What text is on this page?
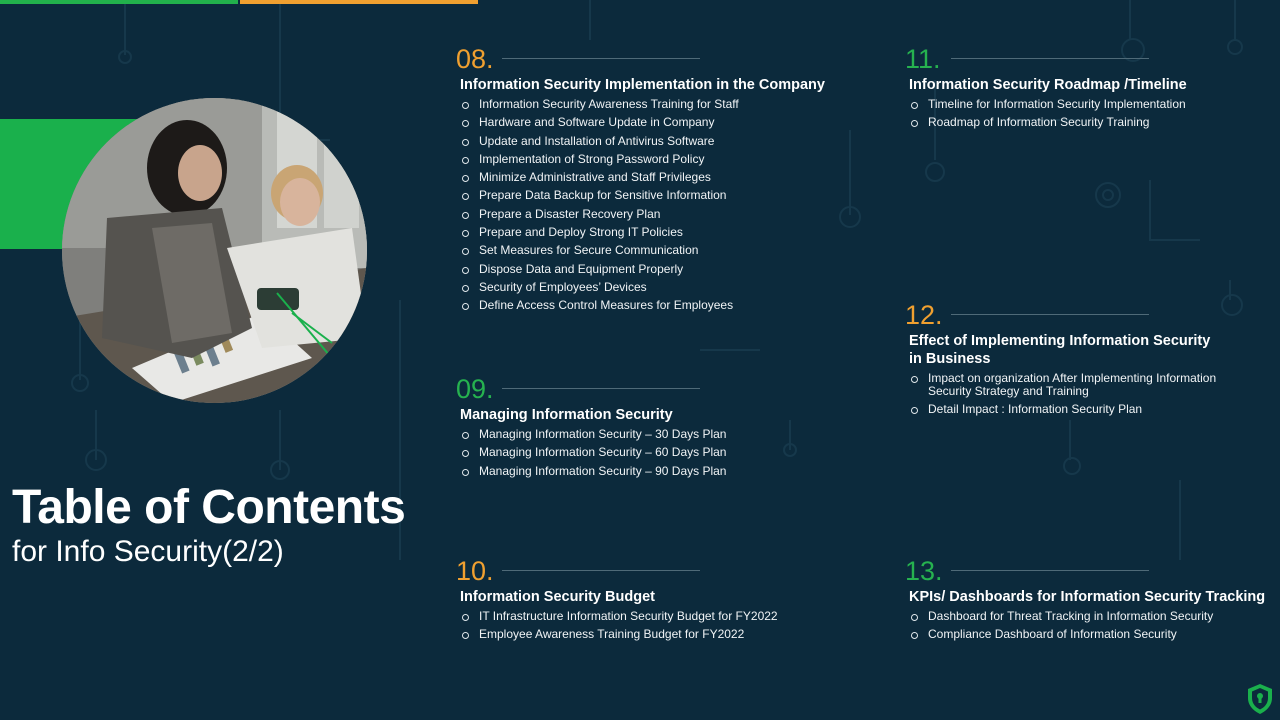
Table of Contents
for Info Security(2/2)
08.
Information Security Implementation in the Company
Information Security Awareness Training for Staff
Hardware and Software Update in Company
Update and Installation of Antivirus Software
Implementation of Strong Password Policy
Minimize Administrative and Staff Privileges
Prepare Data Backup for Sensitive Information
Prepare a Disaster Recovery Plan
Prepare and Deploy Strong IT Policies
Set Measures for Secure Communication
Dispose Data and Equipment Properly
Security of Employees’ Devices
Define Access Control Measures for Employees
09.
Managing Information Security
Managing Information Security – 30 Days Plan
Managing Information Security – 60 Days Plan
Managing Information Security – 90 Days Plan
10.
Information Security Budget
IT Infrastructure Information Security Budget for FY2022
Employee Awareness Training Budget for FY2022
11.
Information Security Roadmap /Timeline
Timeline for Information Security Implementation
Roadmap of Information Security Training
12.
Effect of Implementing Information Security in Business
Impact on organization After Implementing Information Security Strategy and Training
Detail Impact : Information Security Plan
13.
KPIs/ Dashboards for Information Security Tracking
Dashboard for Threat Tracking in Information Security
Compliance Dashboard of Information Security
